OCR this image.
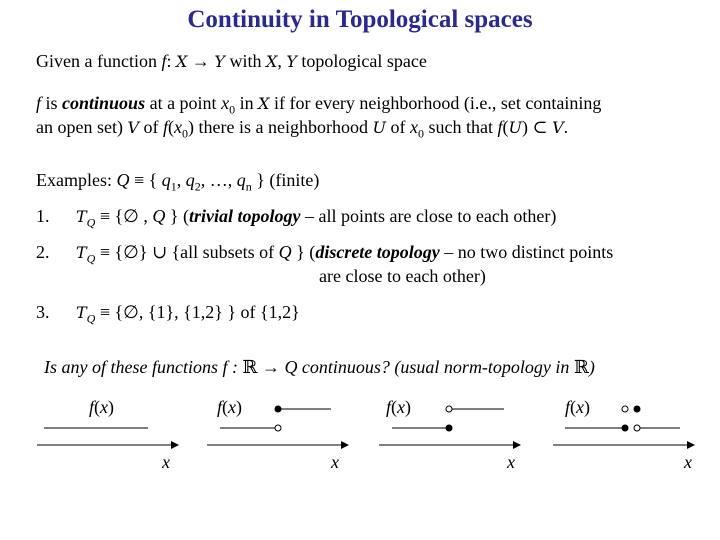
Continuity in Topological spaces
Given a function f: X → Y with X, Y topological space
f is continuous at a point $x_0$ in X if for every neighborhood (i.e., set containing
an open set) V of $f(x_0)$ there is a neighborhood U of $x_0$ such that f(U) ⊂ V.
Examples: Q ≡ { $q_1$, $q_2$, …, $q_n$ } (finite)
1. $T_Q$ ≡ {∅ , Q } (trivial topology – all points are close to each other)
2. $T_Q$ ≡ {∅} ∪ {all subsets of Q } (discrete topology – no two distinct points
are close to each other)
3. $T_Q$ ≡ {∅, {1}, {1,2} } of {1,2}
Is any of these functions f : ℝ → Q continuous? (usual norm-topology in ℝ)
f(x)	f(x)	f(x)	f(x)
x	x	x	x
